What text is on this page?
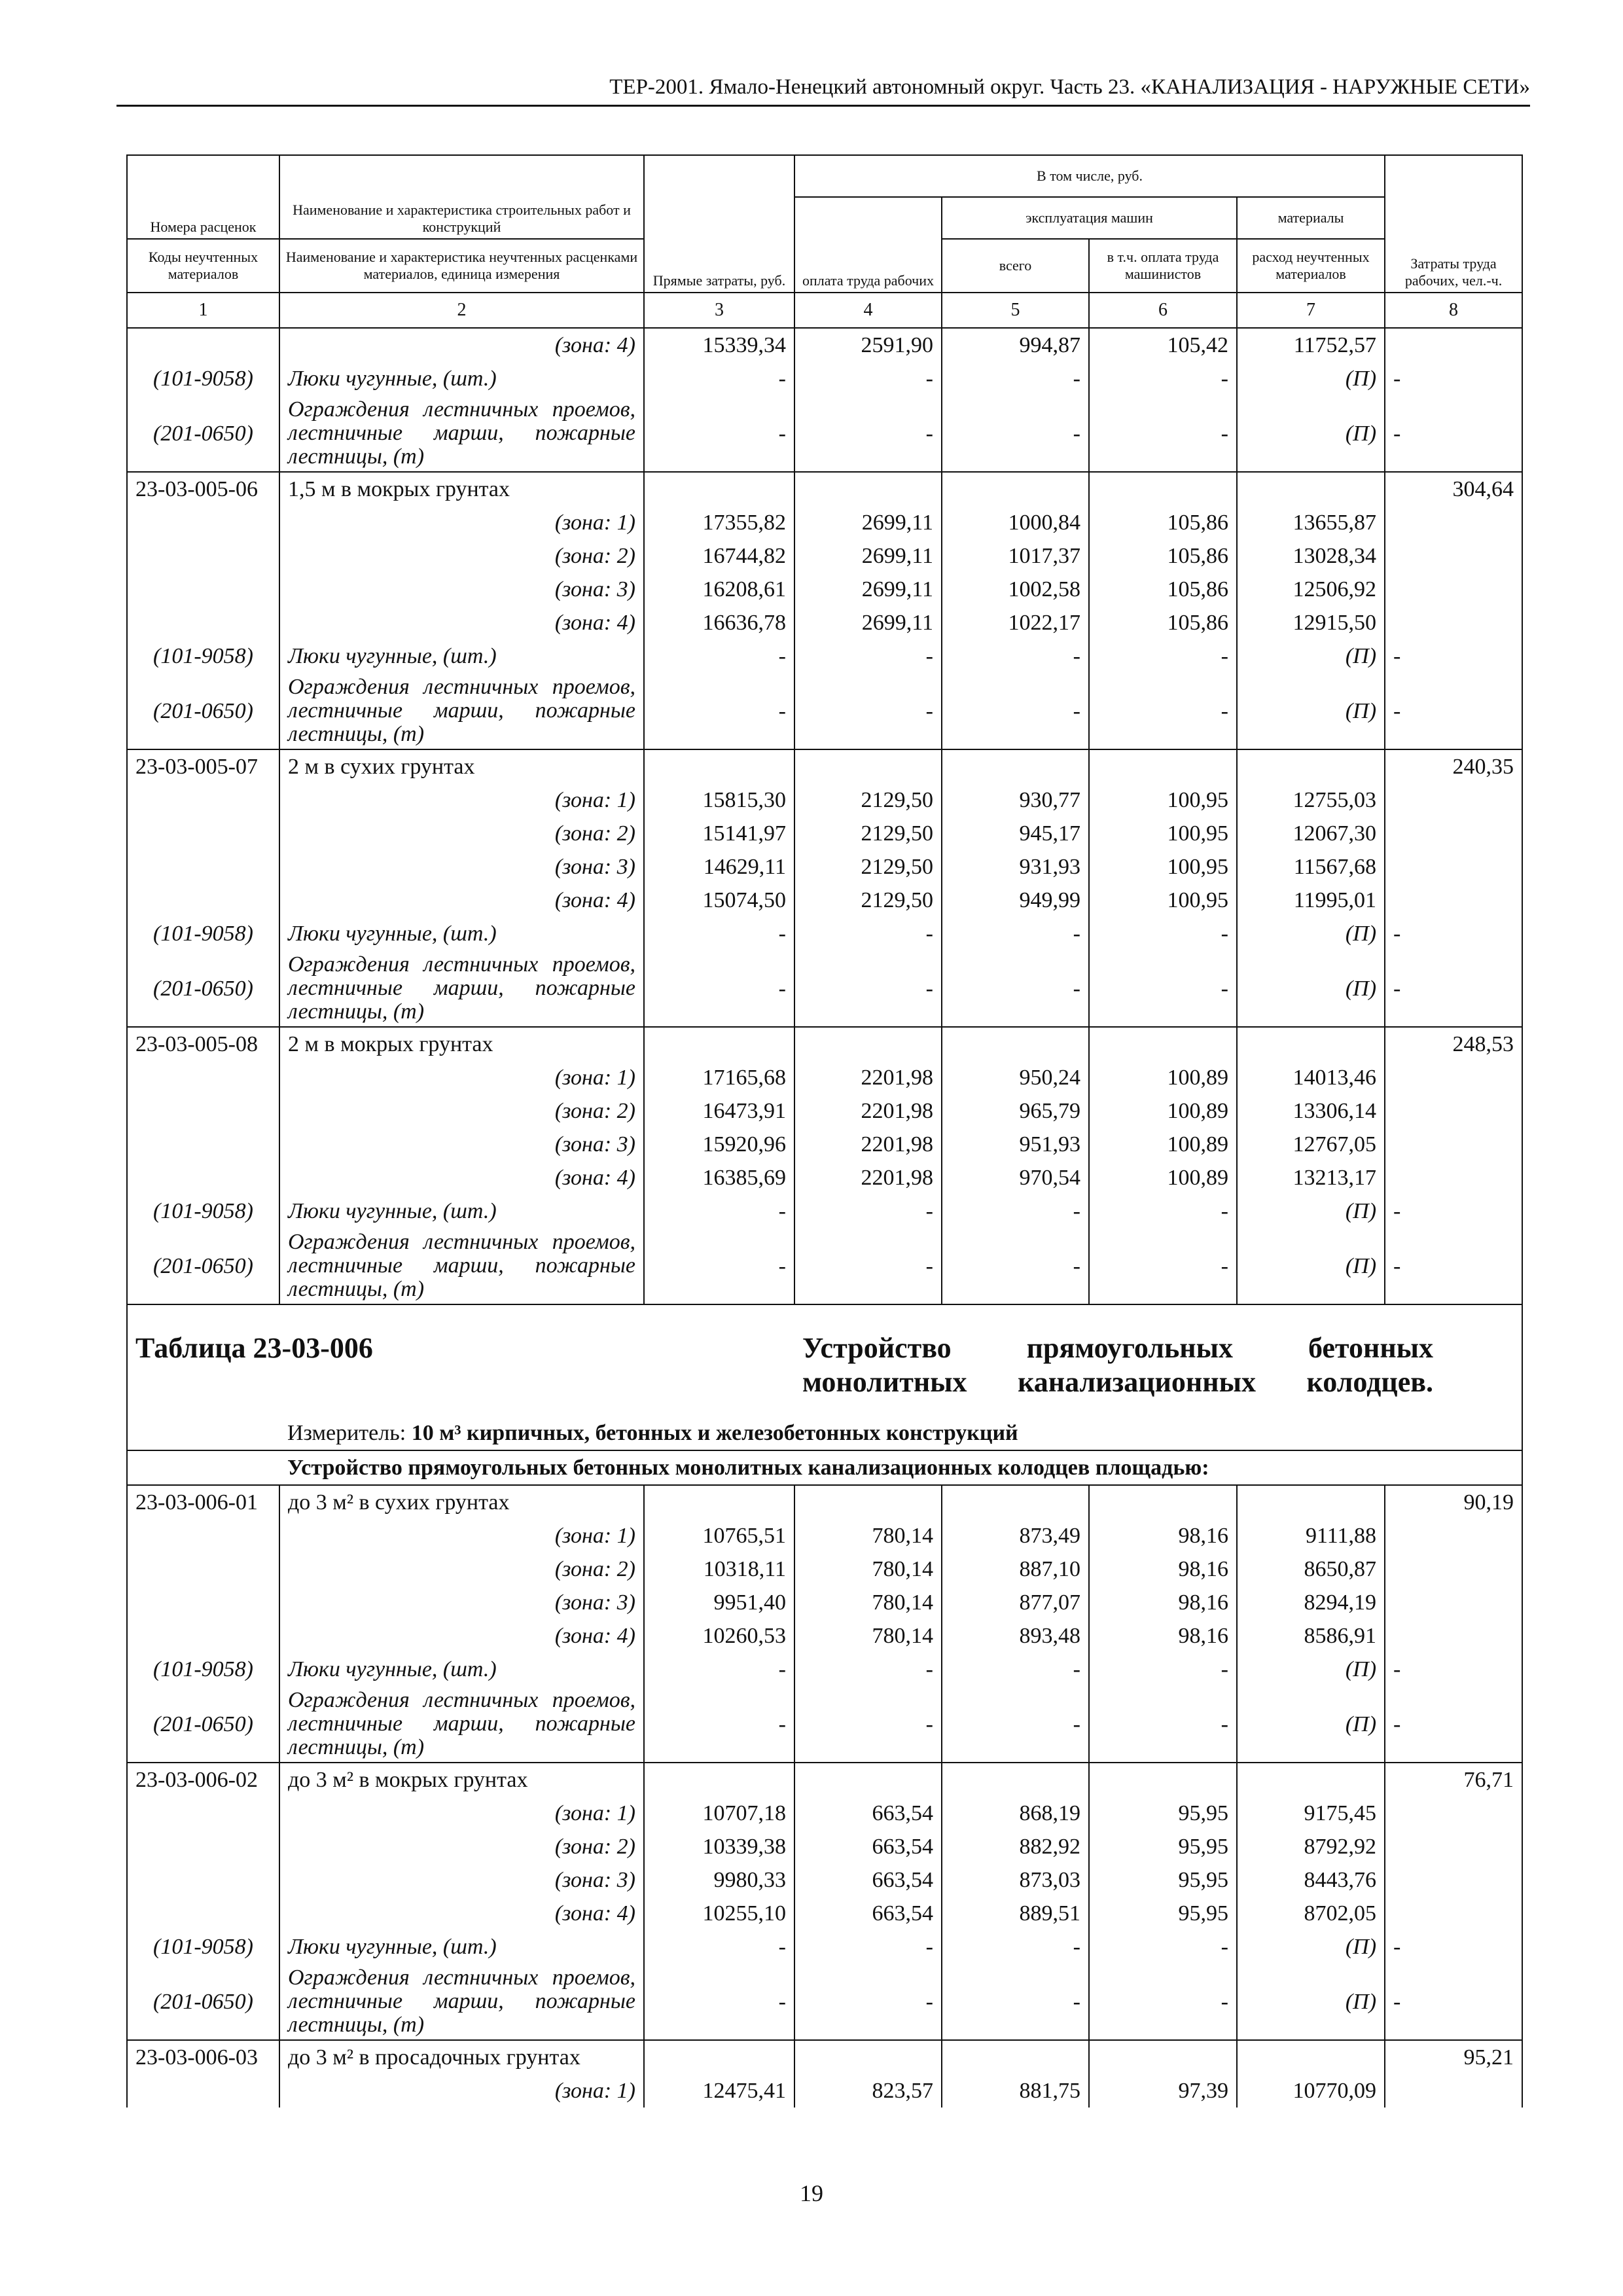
ТЕР-2001. Ямало-Ненецкий автономный округ. Часть 23. «КАНАЛИЗАЦИЯ - НАРУЖНЫЕ СЕТИ»
Номера расценок	Наименование и характеристика строительных работ и конструкций	Прямые затраты, руб.	В том числе, руб.				Затраты труда рабочих, чел.-ч.
			оплата труда рабочих	эксплуатация машин		материалы	
Коды неучтенных материалов	Наименование и характеристика неучтенных расценками материалов, единица измерения			всего	в т.ч. оплата труда машинистов	расход неучтенных материалов	
1	2	3	4	5	6	7	8
	(зона: 4)	15339,34	2591,90	994,87	105,42	11752,57	
(101-9058)	Люки чугунные, (шт.)	-	-	-	-	(П)	-
(201-0650)	Ограждения лестничных проемов, лестничные марши, пожарные лестницы, (т)	-	-	-	-	(П)	-
23-03-005-06	1,5 м в мокрых грунтах						304,64
	(зона: 1)	17355,82	2699,11	1000,84	105,86	13655,87	
	(зона: 2)	16744,82	2699,11	1017,37	105,86	13028,34	
	(зона: 3)	16208,61	2699,11	1002,58	105,86	12506,92	
	(зона: 4)	16636,78	2699,11	1022,17	105,86	12915,50	
(101-9058)	Люки чугунные, (шт.)	-	-	-	-	(П)	-
(201-0650)	Ограждения лестничных проемов, лестничные марши, пожарные лестницы, (т)	-	-	-	-	(П)	-
23-03-005-07	2 м в сухих грунтах						240,35
	(зона: 1)	15815,30	2129,50	930,77	100,95	12755,03	
	(зона: 2)	15141,97	2129,50	945,17	100,95	12067,30	
	(зона: 3)	14629,11	2129,50	931,93	100,95	11567,68	
	(зона: 4)	15074,50	2129,50	949,99	100,95	11995,01	
(101-9058)	Люки чугунные, (шт.)	-	-	-	-	(П)	-
(201-0650)	Ограждения лестничных проемов, лестничные марши, пожарные лестницы, (т)	-	-	-	-	(П)	-
23-03-005-08	2 м в мокрых грунтах						248,53
	(зона: 1)	17165,68	2201,98	950,24	100,89	14013,46	
	(зона: 2)	16473,91	2201,98	965,79	100,89	13306,14	
	(зона: 3)	15920,96	2201,98	951,93	100,89	12767,05	
	(зона: 4)	16385,69	2201,98	970,54	100,89	13213,17	
(101-9058)	Люки чугунные, (шт.)	-	-	-	-	(П)	-
(201-0650)	Ограждения лестничных проемов, лестничные марши, пожарные лестницы, (т)	-	-	-	-	(П)	-
Таблица 23-03-006			Устройство прямоугольных бетонных монолитных канализационных колодцев.				

	Измеритель: 10 м³ кирпичных, бетонных и железобетонных конструкций						
	Устройство прямоугольных бетонных монолитных канализационных колодцев площадью:						
23-03-006-01	до 3 м² в сухих грунтах						90,19
	(зона: 1)	10765,51	780,14	873,49	98,16	9111,88	
	(зона: 2)	10318,11	780,14	887,10	98,16	8650,87	
	(зона: 3)	9951,40	780,14	877,07	98,16	8294,19	
	(зона: 4)	10260,53	780,14	893,48	98,16	8586,91	
(101-9058)	Люки чугунные, (шт.)	-	-	-	-	(П)	-
(201-0650)	Ограждения лестничных проемов, лестничные марши, пожарные лестницы, (т)	-	-	-	-	(П)	-
23-03-006-02	до 3 м² в мокрых грунтах						76,71
	(зона: 1)	10707,18	663,54	868,19	95,95	9175,45	
	(зона: 2)	10339,38	663,54	882,92	95,95	8792,92	
	(зона: 3)	9980,33	663,54	873,03	95,95	8443,76	
	(зона: 4)	10255,10	663,54	889,51	95,95	8702,05	
(101-9058)	Люки чугунные, (шт.)	-	-	-	-	(П)	-
(201-0650)	Ограждения лестничных проемов, лестничные марши, пожарные лестницы, (т)	-	-	-	-	(П)	-
23-03-006-03	до 3 м² в просадочных грунтах						95,21
	(зона: 1)	12475,41	823,57	881,75	97,39	10770,09	
19
